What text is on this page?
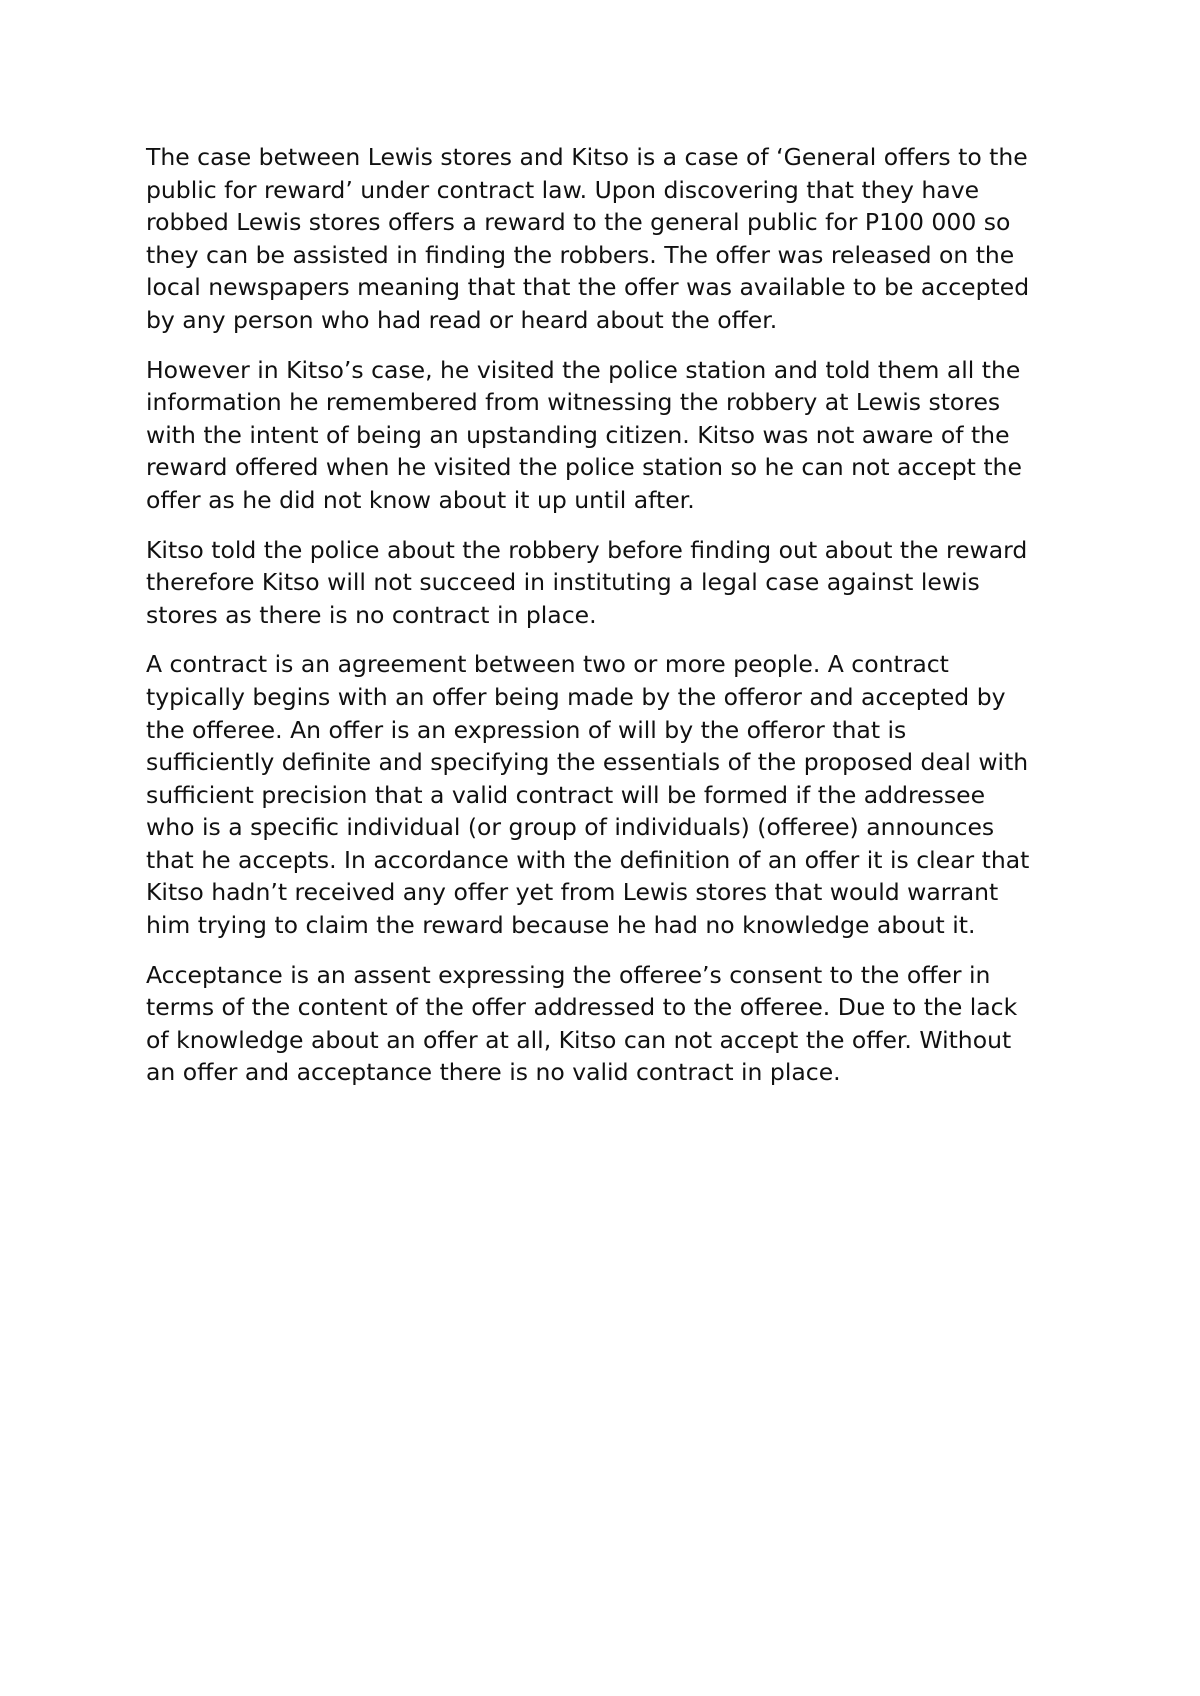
The case between Lewis stores and Kitso is a case of ‘General offers to the
public for reward’ under contract law. Upon discovering that they have
robbed Lewis stores offers a reward to the general public for P100 000 so
they can be assisted in finding the robbers. The offer was released on the
local newspapers meaning that that the offer was available to be accepted
by any person who had read or heard about the offer.

However in Kitso’s case, he visited the police station and told them all the
information he remembered from witnessing the robbery at Lewis stores
with the intent of being an upstanding citizen. Kitso was not aware of the
reward offered when he visited the police station so he can not accept the
offer as he did not know about it up until after.

Kitso told the police about the robbery before finding out about the reward
therefore Kitso will not succeed in instituting a legal case against lewis
stores as there is no contract in place.

A contract is an agreement between two or more people. A contract
typically begins with an offer being made by the offeror and accepted by
the offeree. An offer is an expression of will by the offeror that is
sufficiently definite and specifying the essentials of the proposed deal with
sufficient precision that a valid contract will be formed if the addressee
who is a specific individual (or group of individuals) (offeree) announces
that he accepts. In accordance with the definition of an offer it is clear that
Kitso hadn’t received any offer yet from Lewis stores that would warrant
him trying to claim the reward because he had no knowledge about it.

Acceptance is an assent expressing the offeree’s consent to the offer in
terms of the content of the offer addressed to the offeree. Due to the lack
of knowledge about an offer at all, Kitso can not accept the offer. Without
an offer and acceptance there is no valid contract in place.
